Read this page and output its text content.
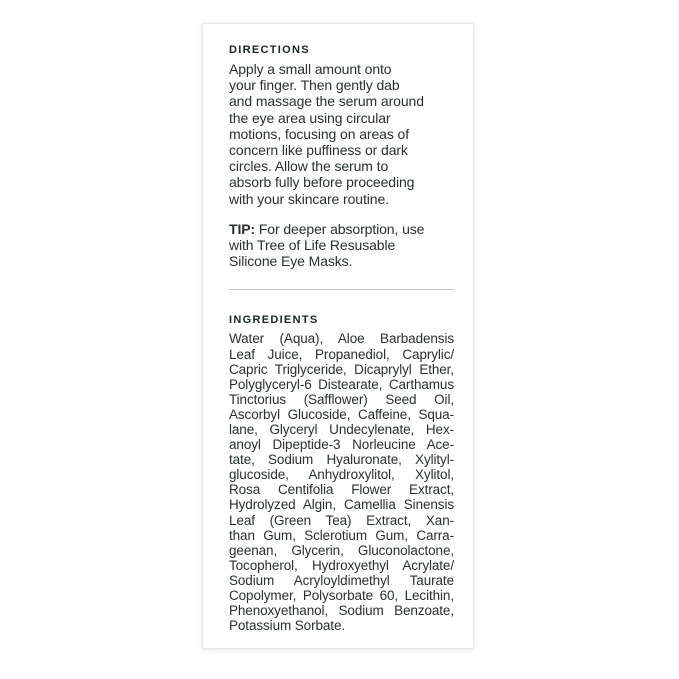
DIRECTIONS
Apply a small amount onto
your finger. Then gently dab
and massage the serum around
the eye area using circular
motions, focusing on areas of
concern like puffiness or dark
circles. Allow the serum to
absorb fully before proceeding
with your skincare routine.
TIP: For deeper absorption, use
with Tree of Life Resusable
Silicone Eye Masks.
INGREDIENTS
Water (Aqua), Aloe Barbadensis
Leaf Juice, Propanediol, Caprylic/
Capric Triglyceride, Dicaprylyl Ether,
Polyglyceryl-6 Distearate, Carthamus
Tinctorius (Safflower) Seed Oil,
Ascorbyl Glucoside, Caffeine, Squa-
lane, Glyceryl Undecylenate, Hex-
anoyl Dipeptide-3 Norleucine Ace-
tate, Sodium Hyaluronate, Xylityl-
glucoside, Anhydroxylitol, Xylitol,
Rosa Centifolia Flower Extract,
Hydrolyzed Algin, Camellia Sinensis
Leaf (Green Tea) Extract, Xan-
than Gum, Sclerotium Gum, Carra-
geenan, Glycerin, Gluconolactone,
Tocopherol, Hydroxyethyl Acrylate/
Sodium Acryloyldimethyl Taurate
Copolymer, Polysorbate 60, Lecithin,
Phenoxyethanol, Sodium Benzoate,
Potassium Sorbate.
